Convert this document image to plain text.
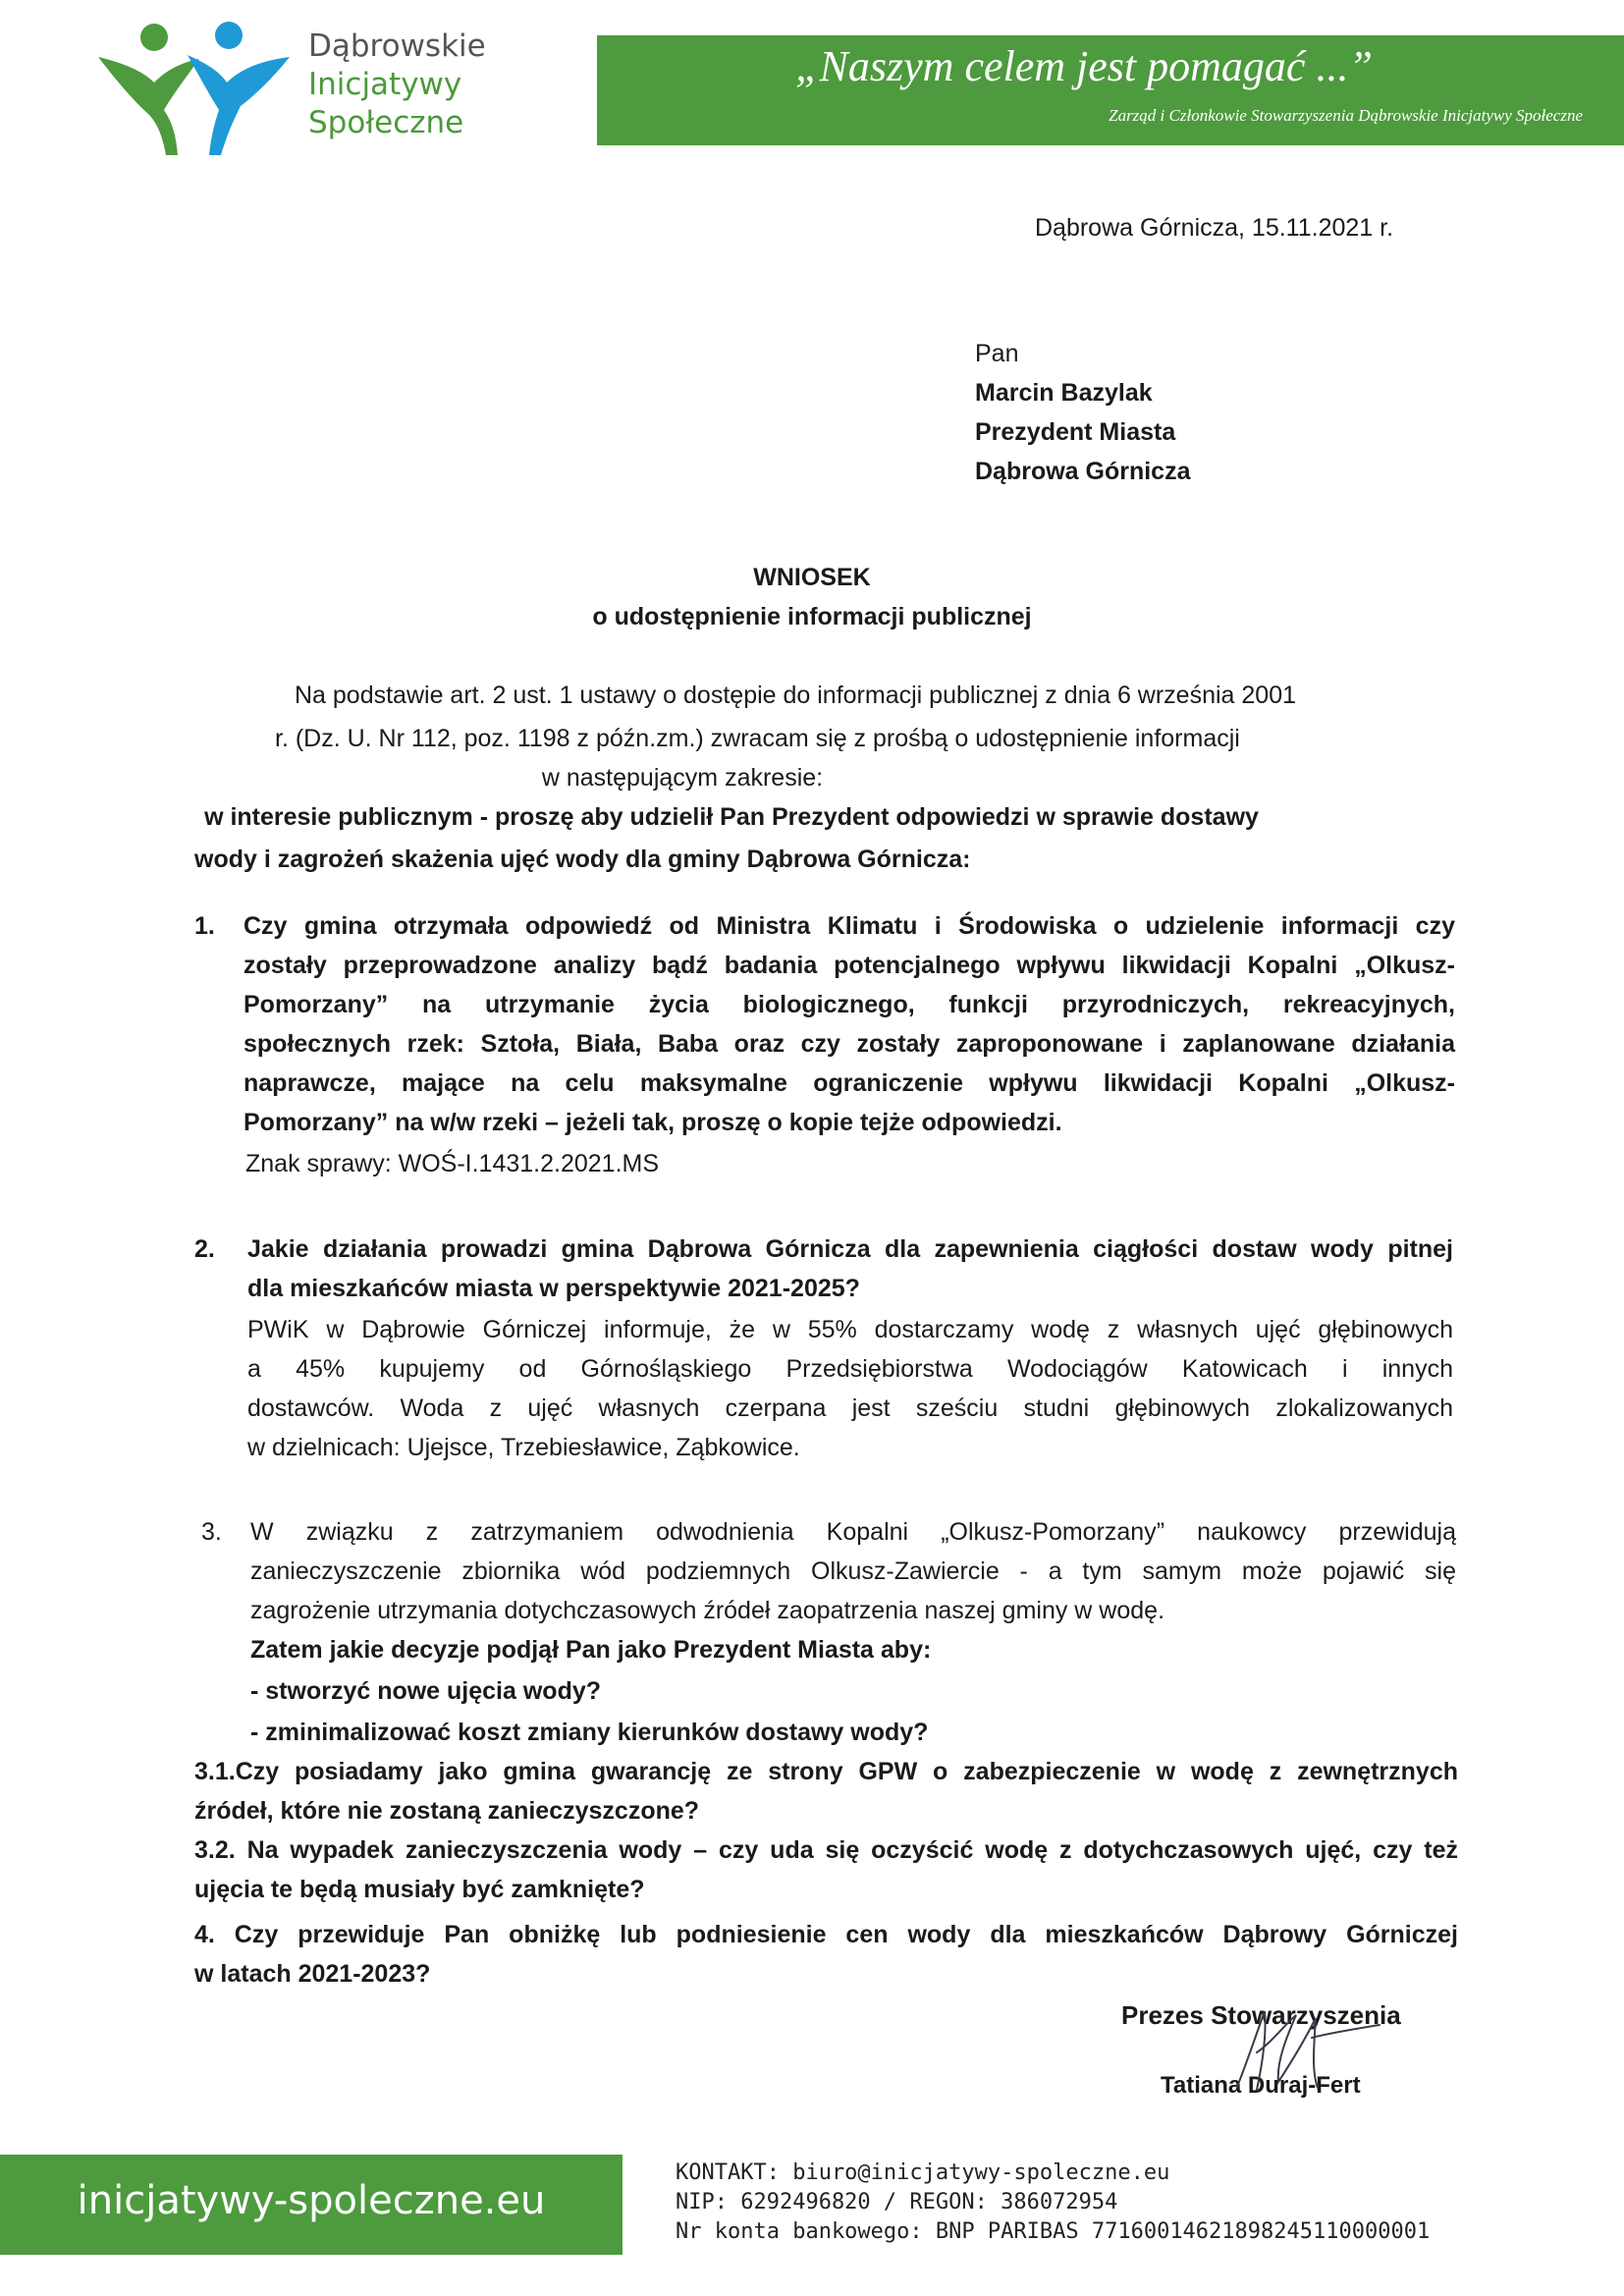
Dąbrowskie
Inicjatywy
Społeczne
„Naszym celem jest pomagać ...”
Zarząd i Członkowie Stowarzyszenia Dąbrowskie Inicjatywy Społeczne
Dąbrowa Górnicza, 15.11.2021 r.
Pan
Marcin Bazylak
Prezydent Miasta
Dąbrowa Górnicza
WNIOSEK
o udostępnienie informacji publicznej
Na podstawie art. 2 ust. 1 ustawy o dostępie do informacji publicznej z dnia 6 września 2001
r. (Dz. U. Nr 112, poz. 1198 z późn.zm.) zwracam się z prośbą o udostępnienie informacji
w następującym zakresie:
w interesie publicznym - proszę aby udzielił Pan Prezydent odpowiedzi w sprawie dostawy
wody i zagrożeń skażenia ujęć wody dla gminy Dąbrowa Górnicza:
1. Czy gmina otrzymała odpowiedź od Ministra Klimatu i Środowiska o udzielenie informacji czy
zostały przeprowadzone analizy bądź badania potencjalnego wpływu likwidacji Kopalni „Olkusz-
Pomorzany” na utrzymanie życia biologicznego, funkcji przyrodniczych, rekreacyjnych,
społecznych rzek: Sztoła, Biała, Baba oraz czy zostały zaproponowane i zaplanowane działania
naprawcze, mające na celu maksymalne ograniczenie wpływu likwidacji Kopalni „Olkusz-
Pomorzany” na w/w rzeki – jeżeli tak, proszę o kopie tejże odpowiedzi.
Znak sprawy: WOŚ-I.1431.2.2021.MS
2. Jakie działania prowadzi gmina Dąbrowa Górnicza dla zapewnienia ciągłości dostaw wody pitnej
dla mieszkańców miasta w perspektywie 2021-2025?
PWiK w Dąbrowie Górniczej informuje, że w 55% dostarczamy wodę z własnych ujęć głębinowych
a 45% kupujemy od Górnośląskiego Przedsiębiorstwa Wodociągów Katowicach i innych
dostawców. Woda z ujęć własnych czerpana jest sześciu studni głębinowych zlokalizowanych
w dzielnicach: Ujejsce, Trzebiesławice, Ząbkowice.
3. W związku z zatrzymaniem odwodnienia Kopalni „Olkusz-Pomorzany” naukowcy przewidują
zanieczyszczenie zbiornika wód podziemnych Olkusz-Zawiercie - a tym samym może pojawić się
zagrożenie utrzymania dotychczasowych źródeł zaopatrzenia naszej gminy w wodę.
Zatem jakie decyzje podjął Pan jako Prezydent Miasta aby:
- stworzyć nowe ujęcia wody?
- zminimalizować koszt zmiany kierunków dostawy wody?
3.1.Czy posiadamy jako gmina gwarancję ze strony GPW o zabezpieczenie w wodę z zewnętrznych
źródeł, które nie zostaną zanieczyszczone?
3.2. Na wypadek zanieczyszczenia wody – czy uda się oczyścić wodę z dotychczasowych ujęć, czy też
ujęcia te będą musiały być zamknięte?
4. Czy przewiduje Pan obniżkę lub podniesienie cen wody dla mieszkańców Dąbrowy Górniczej
w latach 2021-2023?
Prezes Stowarzyszenia
Tatiana Duraj-Fert
inicjatywy-spoleczne.eu
KONTAKT: biuro@inicjatywy-spoleczne.eu
NIP: 6292496820 / REGON: 386072954
Nr konta bankowego: BNP PARIBAS 77160014621898245110000001
